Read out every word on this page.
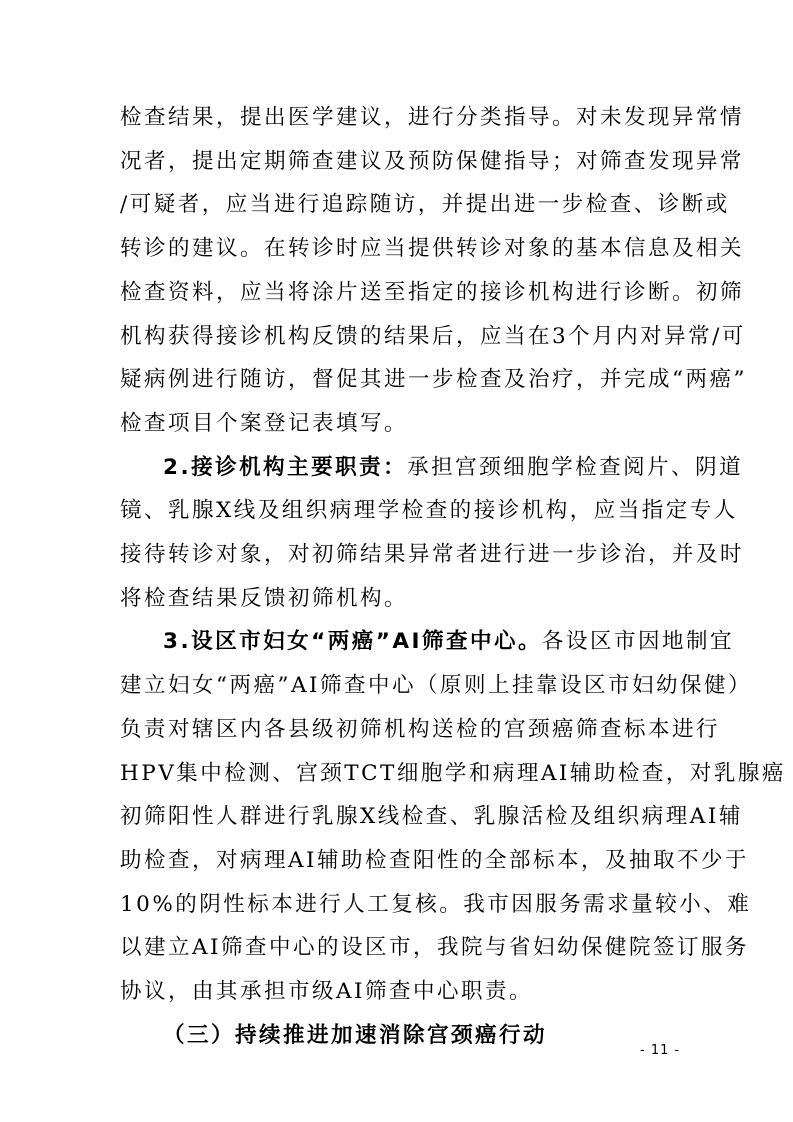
检查结果，提出医学建议，进行分类指导。对未发现异常情
况者，提出定期筛查建议及预防保健指导；对筛查发现异常
/可疑者，应当进行追踪随访，并提出进一步检查、诊断或
转诊的建议。在转诊时应当提供转诊对象的基本信息及相关
检查资料，应当将涂片送至指定的接诊机构进行诊断。初筛
机构获得接诊机构反馈的结果后，应当在3个月内对异常/可
疑病例进行随访，督促其进一步检查及治疗，并完成“两癌”
检查项目个案登记表填写。

2.接诊机构主要职责：承担宫颈细胞学检查阅片、阴道
镜、乳腺X线及组织病理学检查的接诊机构，应当指定专人
接待转诊对象，对初筛结果异常者进行进一步诊治，并及时
将检查结果反馈初筛机构。

3.设区市妇女“两癌”AI筛查中心。各设区市因地制宜
建立妇女“两癌”AI筛查中心（原则上挂靠设区市妇幼保健）
负责对辖区内各县级初筛机构送检的宫颈癌筛查标本进行
HPV集中检测、宫颈TCT细胞学和病理AI辅助检查，对乳腺癌
初筛阳性人群进行乳腺X线检查、乳腺活检及组织病理AI辅
助检查，对病理AI辅助检查阳性的全部标本，及抽取不少于
10%的阴性标本进行人工复核。我市因服务需求量较小、难
以建立AI筛查中心的设区市，我院与省妇幼保健院签订服务
协议，由其承担市级AI筛查中心职责。

（三）持续推进加速消除宫颈癌行动

- 11 -
